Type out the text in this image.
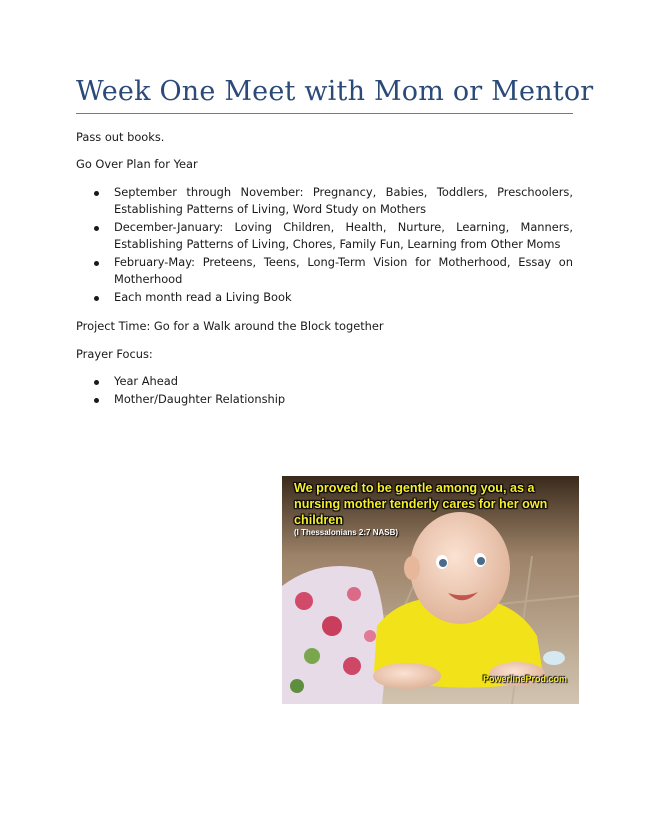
Week One Meet with Mom or Mentor

Pass out books.

Go Over Plan for Year

September through November: Pregnancy, Babies, Toddlers, Preschoolers, Establishing Patterns of Living, Word Study on Mothers
December-January: Loving Children, Health, Nurture, Learning, Manners, Establishing Patterns of Living, Chores, Family Fun, Learning from Other Moms
February-May: Preteens, Teens, Long-Term Vision for Motherhood, Essay on Motherhood
Each month read a Living Book

Project Time: Go for a Walk around the Block together

Prayer Focus:

Year Ahead
Mother/Daughter Relationship
We proved to be gentle among you, as a nursing mother tenderly cares for her own children
(I Thessalonians 2:7 NASB)
PowerlineProd.com
